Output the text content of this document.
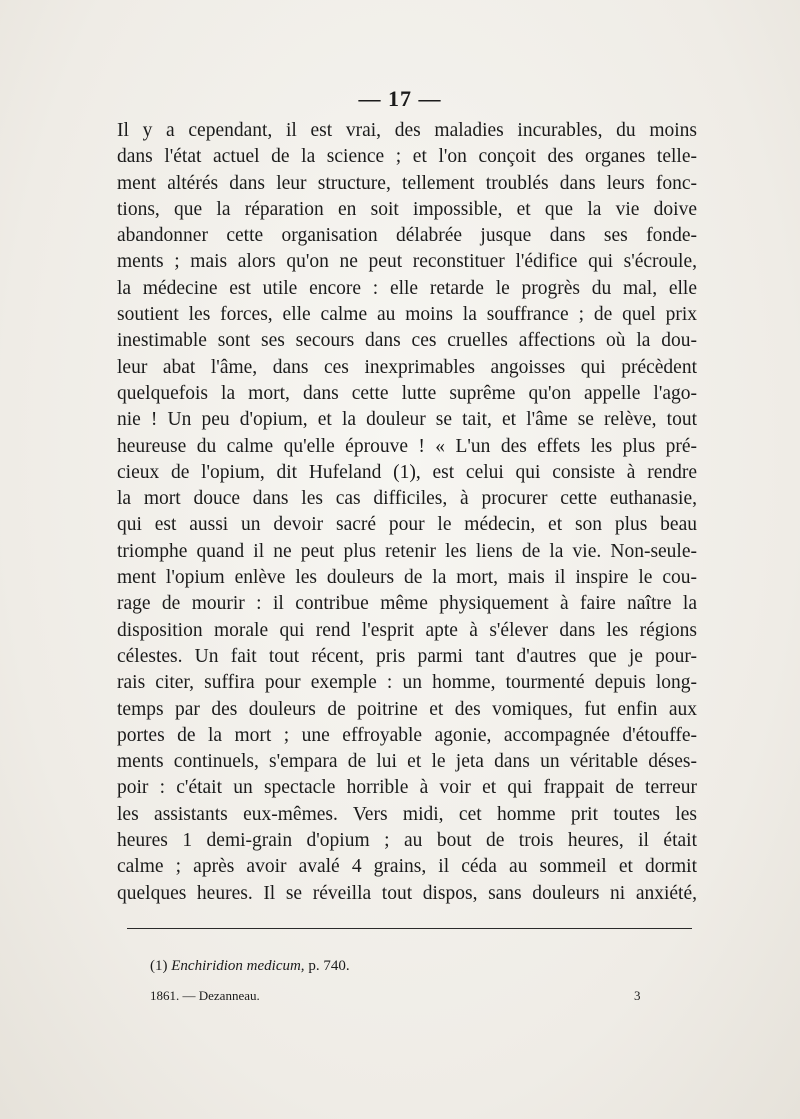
— 17 —
Il y a cependant, il est vrai, des maladies incurables, du moins
dans l'état actuel de la science ; et l'on conçoit des organes telle-
ment altérés dans leur structure, tellement troublés dans leurs fonc-
tions, que la réparation en soit impossible, et que la vie doive
abandonner cette organisation délabrée jusque dans ses fonde-
ments ; mais alors qu'on ne peut reconstituer l'édifice qui s'écroule,
la médecine est utile encore : elle retarde le progrès du mal, elle
soutient les forces, elle calme au moins la souffrance ; de quel prix
inestimable sont ses secours dans ces cruelles affections où la dou-
leur abat l'âme, dans ces inexprimables angoisses qui précèdent
quelquefois la mort, dans cette lutte suprême qu'on appelle l'ago-
nie ! Un peu d'opium, et la douleur se tait, et l'âme se relève, tout
heureuse du calme qu'elle éprouve ! « L'un des effets les plus pré-
cieux de l'opium, dit Hufeland (1), est celui qui consiste à rendre
la mort douce dans les cas difficiles, à procurer cette euthanasie,
qui est aussi un devoir sacré pour le médecin, et son plus beau
triomphe quand il ne peut plus retenir les liens de la vie. Non-seule-
ment l'opium enlève les douleurs de la mort, mais il inspire le cou-
rage de mourir : il contribue même physiquement à faire naître la
disposition morale qui rend l'esprit apte à s'élever dans les régions
célestes. Un fait tout récent, pris parmi tant d'autres que je pour-
rais citer, suffira pour exemple : un homme, tourmenté depuis long-
temps par des douleurs de poitrine et des vomiques, fut enfin aux
portes de la mort ; une effroyable agonie, accompagnée d'étouffe-
ments continuels, s'empara de lui et le jeta dans un véritable déses-
poir : c'était un spectacle horrible à voir et qui frappait de terreur
les assistants eux-mêmes. Vers midi, cet homme prit toutes les
heures 1 demi-grain d'opium ; au bout de trois heures, il était
calme ; après avoir avalé 4 grains, il céda au sommeil et dormit
quelques heures. Il se réveilla tout dispos, sans douleurs ni anxiété,
(1) Enchiridion medicum, p. 740.
1861. — Dezanneau.	3
